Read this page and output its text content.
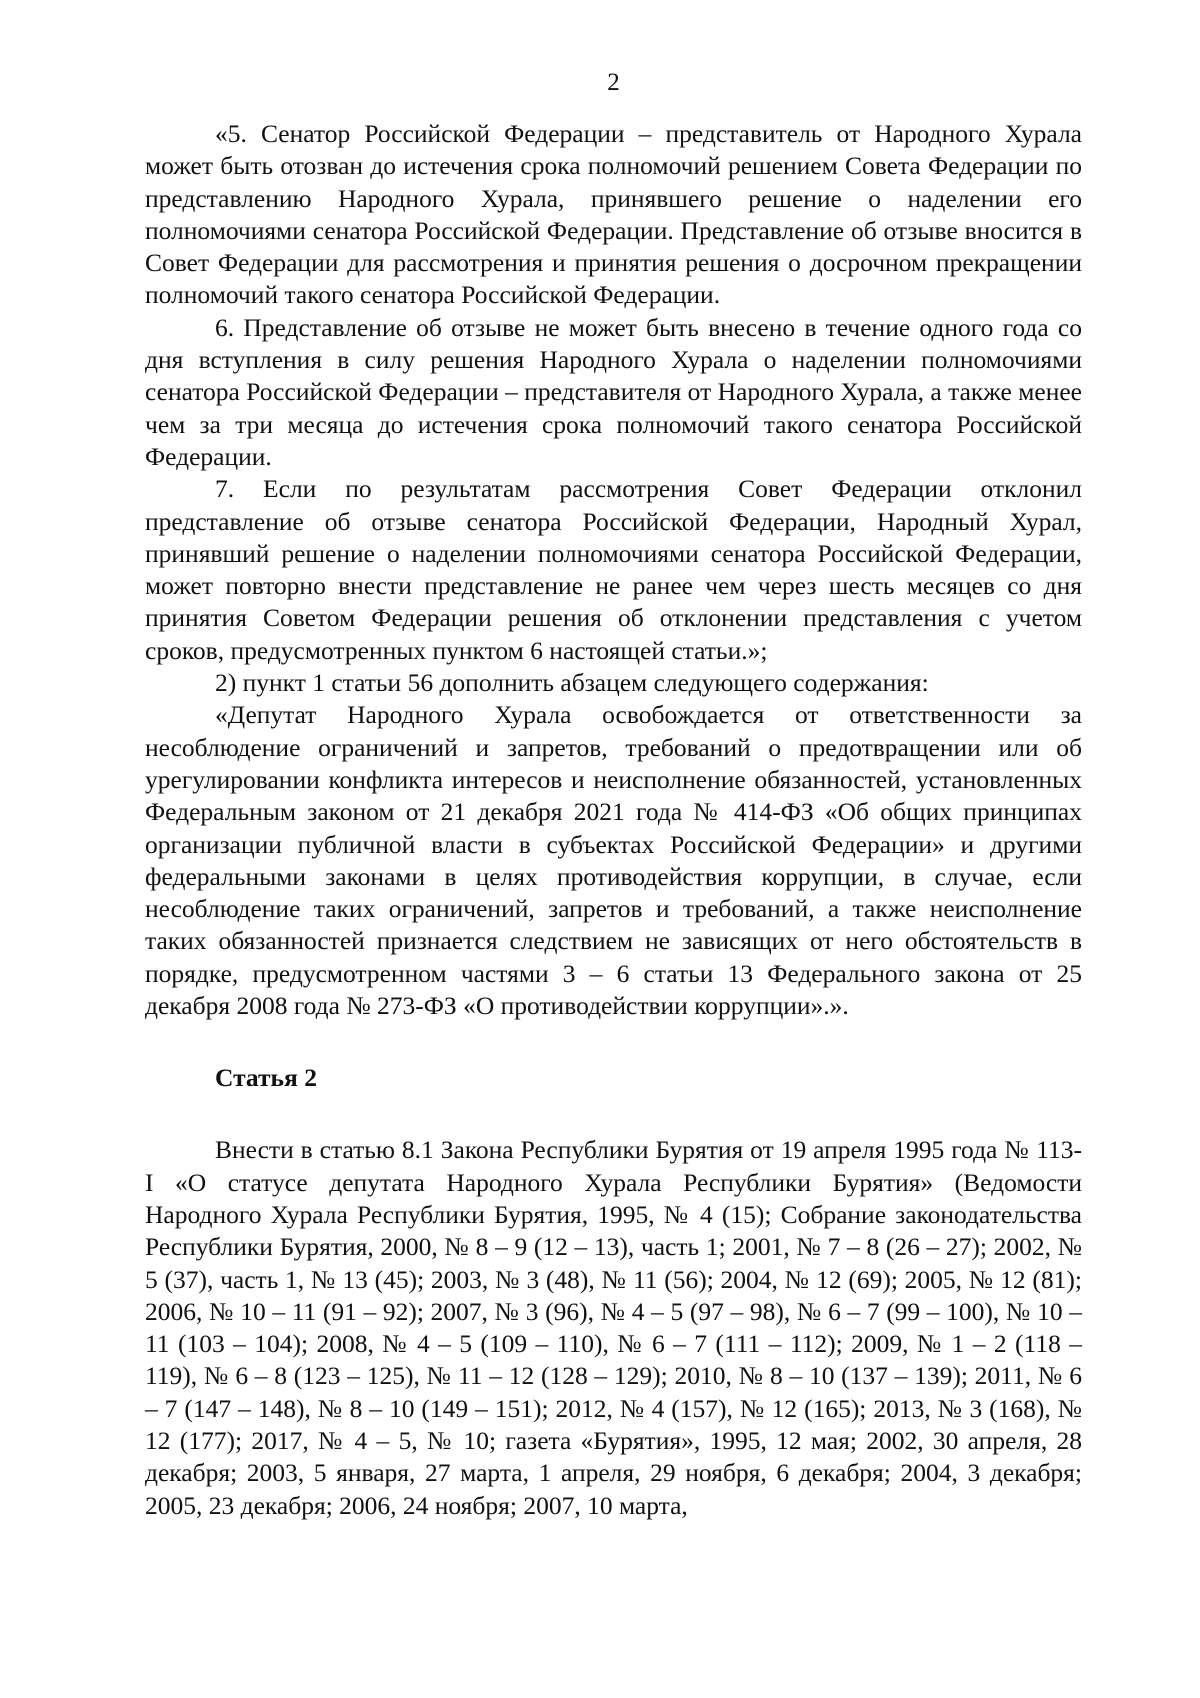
2

«5. Сенатор Российской Федерации – представитель от Народного Хурала может быть отозван до истечения срока полномочий решением Совета Федерации по представлению Народного Хурала, принявшего решение о наделении его полномочиями сенатора Российской Федерации. Представление об отзыве вносится в Совет Федерации для рассмотрения и принятия решения о досрочном прекращении полномочий такого сенатора Российской Федерации.

6. Представление об отзыве не может быть внесено в течение одного года со дня вступления в силу решения Народного Хурала о наделении полномочиями сенатора Российской Федерации – представителя от Народного Хурала, а также менее чем за три месяца до истечения срока полномочий такого сенатора Российской Федерации.

7. Если по результатам рассмотрения Совет Федерации отклонил представление об отзыве сенатора Российской Федерации, Народный Хурал, принявший решение о наделении полномочиями сенатора Российской Федерации, может повторно внести представление не ранее чем через шесть месяцев со дня принятия Советом Федерации решения об отклонении представления с учетом сроков, предусмотренных пунктом 6 настоящей статьи.»;

2) пункт 1 статьи 56 дополнить абзацем следующего содержания:

«Депутат Народного Хурала освобождается от ответственности за несоблюдение ограничений и запретов, требований о предотвращении или об урегулировании конфликта интересов и неисполнение обязанностей, установленных Федеральным законом от 21 декабря 2021 года № 414-ФЗ «Об общих принципах организации публичной власти в субъектах Российской Федерации» и другими федеральными законами в целях противодействия коррупции, в случае, если несоблюдение таких ограничений, запретов и требований, а также неисполнение таких обязанностей признается следствием не зависящих от него обстоятельств в порядке, предусмотренном частями 3 – 6 статьи 13 Федерального закона от 25 декабря 2008 года № 273-ФЗ «О противодействии коррупции».».

Статья 2

Внести в статью 8.1 Закона Республики Бурятия от 19 апреля 1995 года № 113-I «О статусе депутата Народного Хурала Республики Бурятия» (Ведомости Народного Хурала Республики Бурятия, 1995, № 4 (15); Собрание законодательства Республики Бурятия, 2000, № 8 – 9 (12 – 13), часть 1; 2001, № 7 – 8 (26 – 27); 2002, № 5 (37), часть 1, № 13 (45); 2003, № 3 (48), № 11 (56); 2004, № 12 (69); 2005, № 12 (81); 2006, № 10 – 11 (91 – 92); 2007, № 3 (96), № 4 – 5 (97 – 98), № 6 – 7 (99 – 100), № 10 – 11 (103 – 104); 2008, № 4 – 5 (109 – 110), № 6 – 7 (111 – 112); 2009, № 1 – 2 (118 – 119), № 6 – 8 (123 – 125), № 11 – 12 (128 – 129); 2010, № 8 – 10 (137 – 139); 2011, № 6 – 7 (147 – 148), № 8 – 10 (149 – 151); 2012, № 4 (157), № 12 (165); 2013, № 3 (168), № 12 (177); 2017, № 4 – 5, № 10; газета «Бурятия», 1995, 12 мая; 2002, 30 апреля, 28 декабря; 2003, 5 января, 27 марта, 1 апреля, 29 ноября, 6 декабря; 2004, 3 декабря; 2005, 23 декабря; 2006, 24 ноября; 2007, 10 марта,
